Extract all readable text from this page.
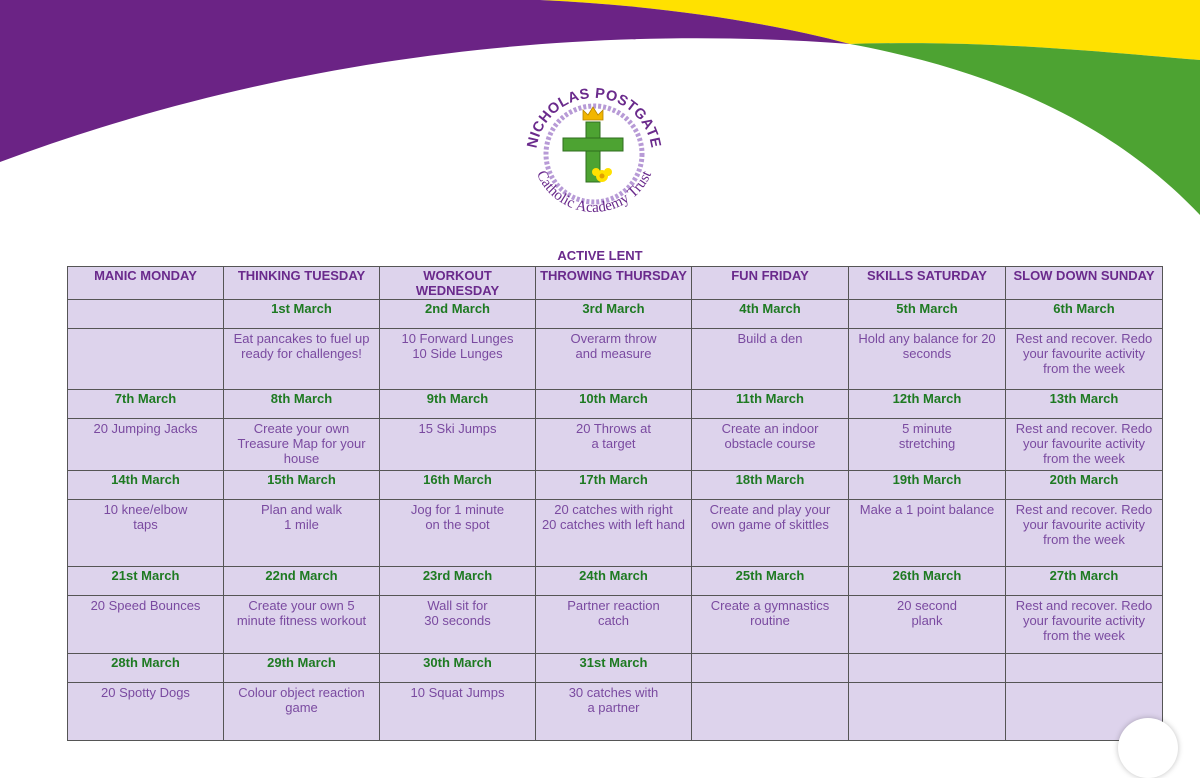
NICHOLAS POSTGATE
Catholic Academy Trust
ACTIVE LENT
MANIC MONDAY	THINKING TUESDAY	WORKOUT WEDNESDAY	THROWING THURSDAY	FUN FRIDAY	SKILLS SATURDAY	SLOW DOWN SUNDAY
	1st March	2nd March	3rd March	4th March	5th March	6th March
	Eat pancakes to fuel up ready for challenges!	10 Forward Lunges
10 Side Lunges	Overarm throw
and measure	Build a den	Hold any balance for 20
seconds	Rest and recover. Redo your favourite activity from the week
7th March	8th March	9th March	10th March	11th March	12th March	13th March
20 Jumping Jacks	Create your own Treasure Map for your house	15 Ski Jumps	20 Throws at
a target	Create an indoor obstacle course	5 minute
stretching	Rest and recover. Redo your favourite activity from the week
14th March	15th March	16th March	17th March	18th March	19th March	20th March
10 knee/elbow
taps	Plan and walk
1 mile	Jog for 1 minute
on the spot	20 catches with right
20 catches with left hand	Create and play your own game of skittles	Make a 1 point balance	Rest and recover. Redo your favourite activity from the week
21st March	22nd March	23rd March	24th March	25th March	26th March	27th March
20 Speed Bounces	Create your own 5 minute fitness workout	Wall sit for
30 seconds	Partner reaction
catch	Create a gymnastics routine	20 second
plank	Rest and recover. Redo your favourite activity from the week
28th March	29th March	30th March	31st March			
20 Spotty Dogs	Colour object reaction game	10 Squat Jumps	30 catches with
a partner			
